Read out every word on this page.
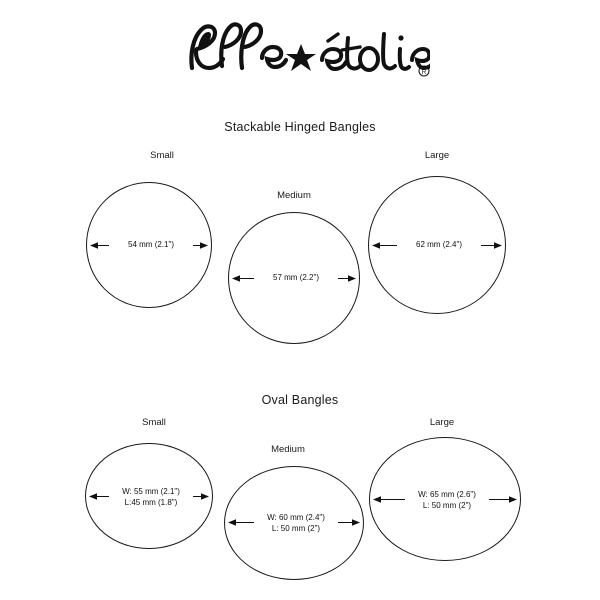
R
Stackable Hinged Bangles
Small
54 mm (2.1")
Medium
57 mm (2.2")
Large
62 mm (2.4")
Oval Bangles
Small
W: 55 mm (2.1")
L:45 mm (1.8")
Medium
W: 60 mm (2.4")
L: 50 mm (2")
Large
W: 65 mm (2.6")
L: 50 mm (2")
